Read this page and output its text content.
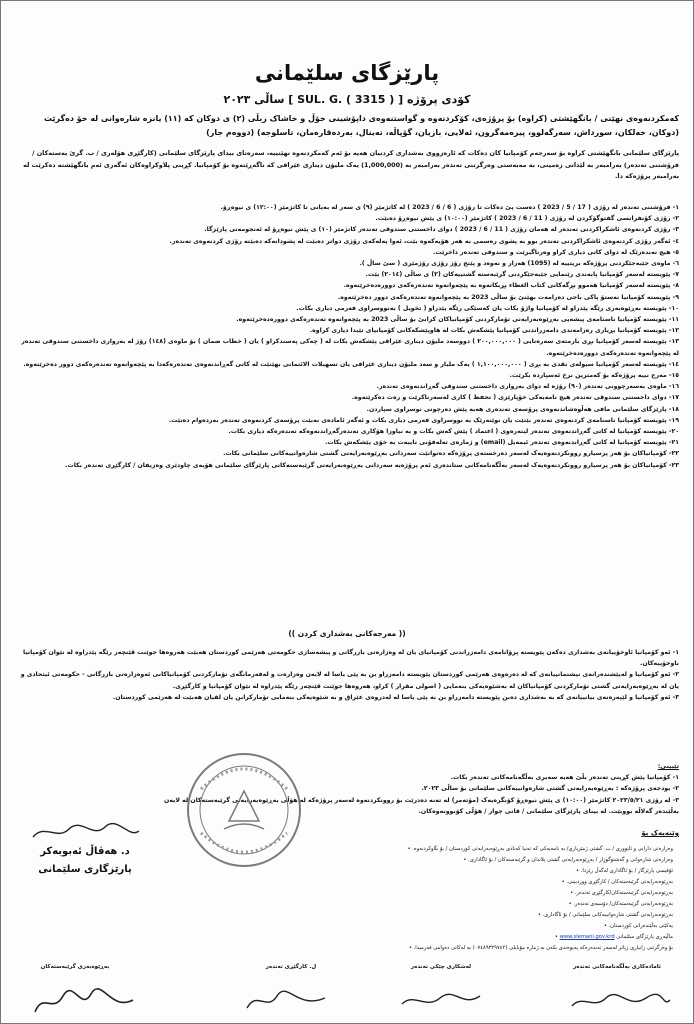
پارێزگای سلێمانی
کۆدی پرۆژە [ SUL. G. ( 3315 ) ] ساڵی ٢٠٢٣
کەمکردنەوەی نهێنی / بانگهێشتی (کراوە) بۆ پرۆژەی، کۆکردنەوە و گواستنەوەی داپۆشینی خۆڵ و خاشاک زبڵی (٢) ی دوکان کە (١١) یانزە شارەوانی لە خۆ دەگرێت (دوکان، خەلکان، سورداش، سەرگەلوو، پیرەمەگرون، ئەلایی، بازیان، گۆپاڵە، تەینال، بەردەقارەمان، تاسلوجە) (دووەم جار)
پارێزگای سلێمانی بانگهێشتی کراوە بۆ سەرجەم کۆمپانیا کان دەکات کە ئارەزووی بەشداری کردنیان هەیە بۆ ئەم کەمکردنەوە نهێنییە، سەرەتای بیدای پارێزگای سلێمانی (کارگێڕی هۆلەری / ب. گرێ بەستەکان / فرۆشتنی تەندەر) بەرامبەر بە لێدانی زەمینی، بە مەبەستی وەرگرتنی تەندەر بەرامبەر بە (1,000,000) یەک ملیۆن دیناری عێراقی کە ناگەڕێتەوە بۆ کۆمپانیا. کڕینی پلاوکراوەکان ئەگەری ئەم بانگهێشتە دەکرێت لە بەرامبەر پرۆژەکە دا.
١- فرۆشتنی تەندەر لە رۆژی ( 17 / 5 / 2023 ) دەست پێ دەکات تا رۆژی ( 6 / 6 / 2023 ) لە کاتژمێر (٩) ی سەر لە بەیانی تا کاتژمێر (١٢:٠٠) ی نیوەڕۆ.
٢- رۆژی کۆنفرانسی گفتوگۆکردن لە رۆژی ( 11 / 6 / 2023 ) کاتژمێر (١٠:٠٠) ی پێش نیوەڕۆ دەبێت.
٣- رۆژی کردنەوەی ئاشکراکردنی تەندەر لە هەمان رۆژی ( 11 / 6 / 2023 ) دوای داخستنی سندوقی تەندەر کاتژمێر (١٠) ی پێش نیوەڕۆ لە ئەنجومەنی پارێزگا.
٤- ئەگەر رۆژی کردنەوەی ئاشکراکردنی تەندەر بوو بە پشوی رەسمی بە هەر هۆیەکەوە بێت، ئەوا پەلەکەی رۆژی دواتر دەبێت لە پشودانەکە دەبێتە رۆژی کردنەوەی تەندەر.
٥- هیچ تەندەرێک لە دوای کاتی دیاری کراو وەرناگیرێت و سندوقی تەندەر داخرێت.
٦- ماوەی جێبەجێکردنی پرۆژەکە بریتییە لە (1095) هەزار و نەوەد و پێنج رۆژ رۆژی رۆژمێری ( سێ ساڵ ).
٧- پێویستە لەسەر کۆمپانیا پابەندی رێنمایی جێبەجێکردنی گرێبەستە گشتییەکان (٢) ی ساڵی (٢٠١٤) بێت.
٨- پێویستە لەسەر کۆمپانیا هەموو بڕگەکانی کتاب الغطاء پڕبکاتەوە بە پێچەوانەوە تەندەرەکەی دوورەدەخرێتەوە.
٩- پێویستە کۆمپانیا نەستۆ پاکی باجی دەرامەت بهێنێ بۆ ساڵی 2023 بە پێچەوانەوە تەندەرەکەی دوور دەخرێتەوە.
١٠- پێویستە بەڕێوەبەری رێگە پێدراو لە کۆمپانیا واژۆ بکات یان کەسێکی رێگە پێدراو ( تخویل ) بەنووسراوی فەرمی دیاری بکات.
١١- پێویستە کۆمپانیا ناسنامەی پیشەیی بەڕێوەبەرایەتی تۆمارکردنی کۆمپانیاکان کرابێ بۆ ساڵی 2023 بە پێچەوانەوە تەندەرەکەی دوورەدەخرێتەوە.
١٢- پێویستە کۆمپانیا بڕیاری رەزامەندی دامەزراندنی کۆمپانیا پێشکەش بکات لە هاوپێشکەکانی کۆمپانیای تێیدا دیاری کراوە.
١٣- پێویستە لەسەر کۆمپانیا بڕی بارمتەی سەرەتایی ( ٢٠٠,٠٠٠,٠٠٠ ) دووسەد ملیۆن دیناری عێراقی پێشکەش بکات لە ( چەکی پەسندکراو ) یان ( خطاب ضمان ) بۆ ماوەی (١٤٨) رۆژ لە بەرواری داخستنی سندوقی تەندەر لە پێچەوانەوە تەندەرەکەی دوورەدەخرێتەوە.
١٤- پێویستە لەسەر کۆمپانیا سیولەی نقدی بە بڕی ( ١,١٠٠,٠٠٠,٠٠٠ ) یەک ملیار و سەد ملیۆن دیناری عێراقی یان تسهیلات الائتمانی بهێنێت لە کاتی گەڕاندنەوەی تەندەرەکەدا بە پێچەوانەوە تەندەرەکەی دوور دەخرێتەوە.
١٥- مەرج نییە پرۆژەکە بۆ کەمترین نرخ ئەسپاردە بکرێت.
١٦- ماوەی بەسەرچوونی تەندەر (٩٠) رۆژە لە دوای بەرواری داخستنی سندوقی گەڕاندنەوەی تەندەر.
١٧- دوای داخستنی سندوقی تەندەر هیچ نامەیەکی خۆپارێزی ( تحفظ ) کاری لەسەرناکرێت و رەت دەکرێتەوە.
١٨- پارێزگای سلێمانی مافی هەڵوەشاندنەوەی پرۆسەی تەندەری هەیە پێش دەرچونی نوسراوی سپاردن.
١٩- پێویستە کۆمپانیا ناسنامەی کردنەوەی تەندەر بێنێت یان نوێنەرێک بە نووسراوی فەرمی دیاری بکات و ئەگەر ئامادەی نەبێت پرۆسەی کردنەوەی تەندەر بەردەوام دەبێت.
٢٠- پێویستە کۆمپانیا لە کاتی گەڕاندنەوەی تەندەر لیتەرەوی ( اعتماد ) پێش کەش بکات و بە نیاوزا هۆکاری تەندەرگەڕاندنەوەکە تەندەرەکە دیاری بکات.
٢١- پێویستە کۆمپانیا لە کاتی گەڕاندنەوەی تەندەر ئیمەیل (email) و ژمارەی تەلەفۆنی تایبەت بە خۆی پێشکەش بکات.
٢٢- کۆمپانیاکان بۆ هەر پرسیارو روونکردنەوەیەک لەسەر دەرخستەی پرۆژەکە دەتوانێت سەردانی بەڕێوەبەرایەتی گشتی شارەوانییەکانی سلێمانی بکات.
٢٣- کۆمپانیاکان بۆ هەر پرسیارو روونکردنەوەیەک لەسەر بەڵگەنامەکانی ستاندەری ئەم پرۆژەیە سەردانی بەڕێوەبەرایەتی گرێبەستەکانی پارێزگای سلێمانی هۆبەی چاودێری وەزیفان / کارگێڕی تەندەر بکات.
(( مەرجەکانی بەشداری کردن ))
١- ئەو کۆمپانیا ئاوخۆییانەی بەشداری دەکەن پێویستە پرۆانامەی دامەزراندنی کۆمپانیای یان لە وەزارەتی بازرگانی و پیشەسازی حکومەتی هەرێمی کوردستان هەبێت هەروەها جوێنت ڤێنچەر رێگە پێدراوە لە نێوان کۆمپانیا ناوخۆییەکان.
٢- ئەو کۆمپانیا و لەپێشندەرانەی نیشتمانییانەی کە لە دەرەوەی هەرێمی کوردستان پێویستە دامەزراو بن بە پێی یاسا لە لایەن وەزارەت و لەفەرمانگەی تۆمارکردنی کۆمپانیاکانی ئەوەزارەتی بازرگانی - حکومەتی ئیتحادی و یان لە بەڕێوەبەرایەتی گشتی تۆمارکردنی کۆمپانیاکان لە بەشێوەیەکی بنەمایی ( اصولی مقرار ) کراو، هەروەها جوێنت ڤێنچەر رێگە پێدراوە لە نێوان کۆمپانیا و کارگێڕی.
٣- ئەو کۆمپانیا و لێپەرەنەی بیانییانەی کە بە بەشداری دەبن پێویستە دامەزراو بن بە پێی یاسا لە لەدروەی عێراق و بە شێوەیەکی بنەمایی تۆمارکرابن یان لقیان هەبێت لە هەرێمی کوردستان.
تێبینی:
١- کۆمپانیا پێش کڕینی تەندەر بڵێ هەیە سەیری بەڵگەنامەکانی تەندەر بکات.
٢- بودجەی پرۆژەکە : بەڕێوەبەرایەتی گشتی شارەوانییەکانی سلێمانی بۆ ساڵی ٢٠٢٣.
٣- لە رۆژی ٢٠٢٣/٥/٢١ کاتژمێر (١٠:٠٠) ی پێش نیوەڕۆ کۆنگرەیەک (مۆتەمر) لە تەنە دەدرێت بۆ روونکردنەوە لەسەر پرۆژەکە لە هۆڵی بەڕێوەبەرایەتی گرێبەستەکان لە لایەن بەڵێندەر گەلاڵە بووبێت. لە بینای پارێزگای سلێمانی / قاتی چوار / هۆڵی کۆبوونەوەکان.
د. هەڤاڵ ئەبوبەکر
پارێزگاری سلێمانی
وێنەیەک بۆ
وەزارەتی دارایی و ئابووری / ب. گشتی ژمێریاری/ بە نامەیەکی کە تەنیا کەنادی بەڕێوەبەرایەتی کوردستان / بۆ بڵاوکردنەوە. •
وەزارەتی شارەوانی و گەشتوگوزار / بەڕێوەبەرایەتی گشتی پلاندان و گرێبەستەکان / بۆ ئاگاداری. •
ئۆفیسی پارێزگار / بۆ ئاگاداری لەگەڵ رێزدا. •
بەڕێوەبەرایەتی گرێبەستەکان / کارگێڕی ووردبینی. •
بەڕێوەبەرایەتی گرێبەستەکان/کارگێڕی تەندەر. •
بەڕێوەبەرایەتی گرێبەستەکان/ دۆسیەی تەندەر. •
بەڕێوەبەرایەتی گشتی شارەوانییەکانی سلێمانی / بۆ ئاگاداری. •
یەکێتی بەڵێندەرانی کوردستان. •
ماڵپەڕی پارێزگای سلێمانی www.slemani.gov.krd •
بۆ وەرگرتنی زانیاری زیاتر لەسەر تەندەرەکە پەیوەندی بکەن بە ژمارە مۆبایلی (٠٧٤٨٩٣٢٩٧٤٢) بە لەکاتی دەوامی فەرمیدا. •
بەڕێوەبەری گرێبەستەکان	ل. کارگێڕی تەندەر	لەشکاری چێکی تەندەر	ئامادەکاری بەڵگەنامەکانی تەندەر
